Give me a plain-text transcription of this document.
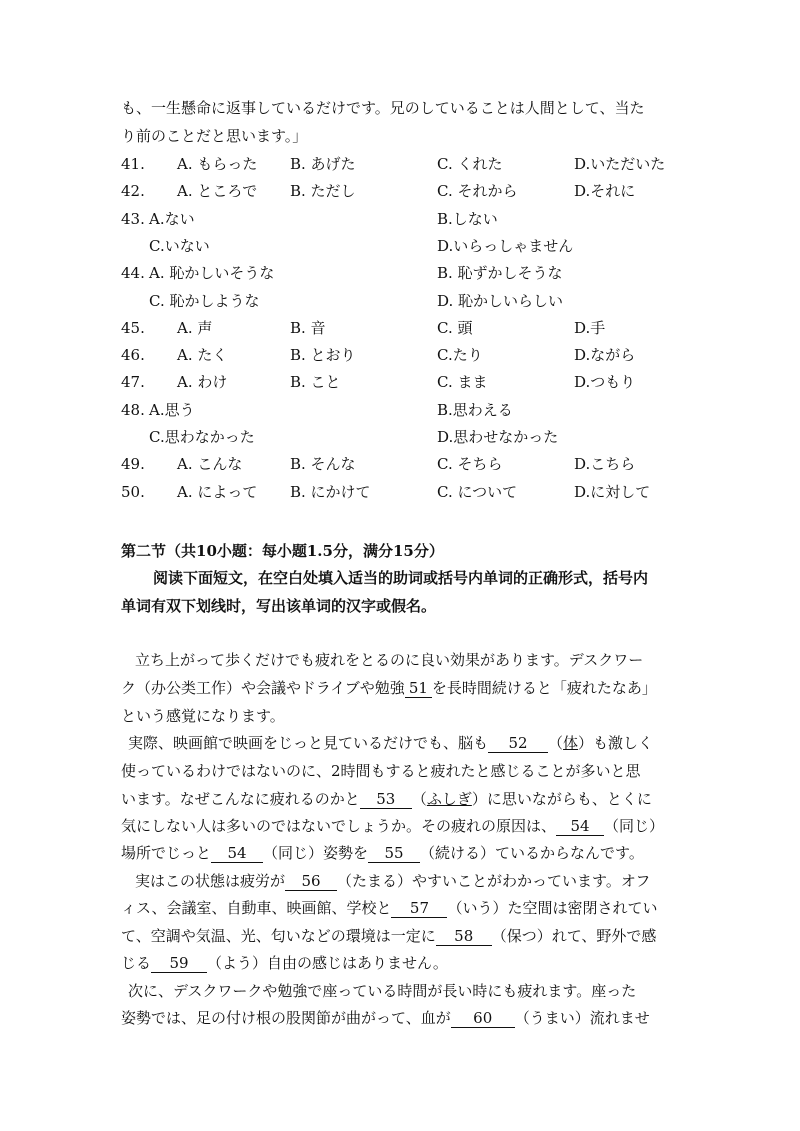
も、一生懸命に返事しているだけです。兄のしていることは人間として、当た
り前のことだと思います。」
41. A. もらった B. あげた	C. くれた	D.いただいた
42. A. ところで B. ただし	C. それから	D.それに
43. A.ない	B.しない
C.いない	D.いらっしゃません
44. A. 恥かしいそうな	B. 恥ずかしそうな
C. 恥かしような	D. 恥かしいらしい
45. A. 声	B. 音	C. 頭	D.手
46. A. たく	B. とおり	C.たり	D.ながら
47. A. わけ	B. こと	C. まま	D.つもり
48. A.思う	B.思わえる
C.思わなかった	D.思わせなかった
49. A. こんな	B. そんな	C. そちら	D.こちら
50. A. によって B. にかけて	C. について	D.に対して
第二节（共10小题：每小题1.5分，满分15分）
阅读下面短文，在空白处填入适当的助词或括号内单词的正确形式，括号内
单词有双下划线时，写出该单词的汉字或假名。
立ち上がって歩くだけでも疲れをとるのに良い効果があります。デスクワー
ク（办公类工作）や会議やドライブや勉強 51 を長時間続けると「疲れたなあ」
という感覚になります。
実際、映画館で映画をじっと見ているだけでも、脳も 52 （体）も激しく
使っているわけではないのに、2時間もすると疲れたと感じることが多いと思
います。なぜこんなに疲れるのかと 53 （ふしぎ）に思いながらも、とくに
気にしない人は多いのではないでしょうか。その疲れの原因は、 54 （同じ）
場所でじっと 54 （同じ）姿勢を 55 （続ける）ているからなんです。
実はこの状態は疲労が 56 （たまる）やすいことがわかっています。オフ
ィス、会議室、自動車、映画館、学校と 57 （いう）た空間は密閉されてい
て、空調や気温、光、匂いなどの環境は一定に 58 （保つ）れて、野外で感
じる 59 （よう）自由の感じはありません。
次に、デスクワークや勉強で座っている時間が長い時にも疲れます。座った
姿勢では、足の付け根の股関節が曲がって、血が 60 （うまい）流れませ
